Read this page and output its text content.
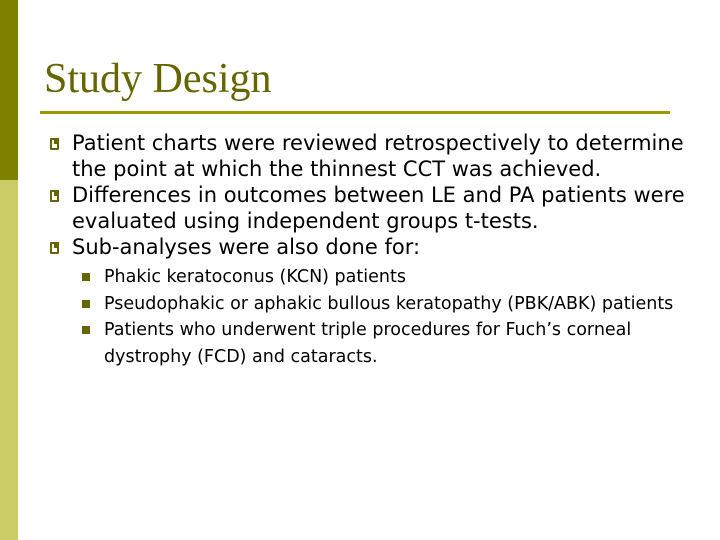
Study Design
Patient charts were reviewed retrospectively to determine the point at which the thinnest CCT was achieved.
Differences in outcomes between LE and PA patients were evaluated using independent groups t-tests.
Sub-analyses were also done for:
Phakic keratoconus (KCN) patients
Pseudophakic or aphakic bullous keratopathy (PBK/ABK) patients
Patients who underwent triple procedures for Fuch’s corneal dystrophy (FCD) and cataracts.
